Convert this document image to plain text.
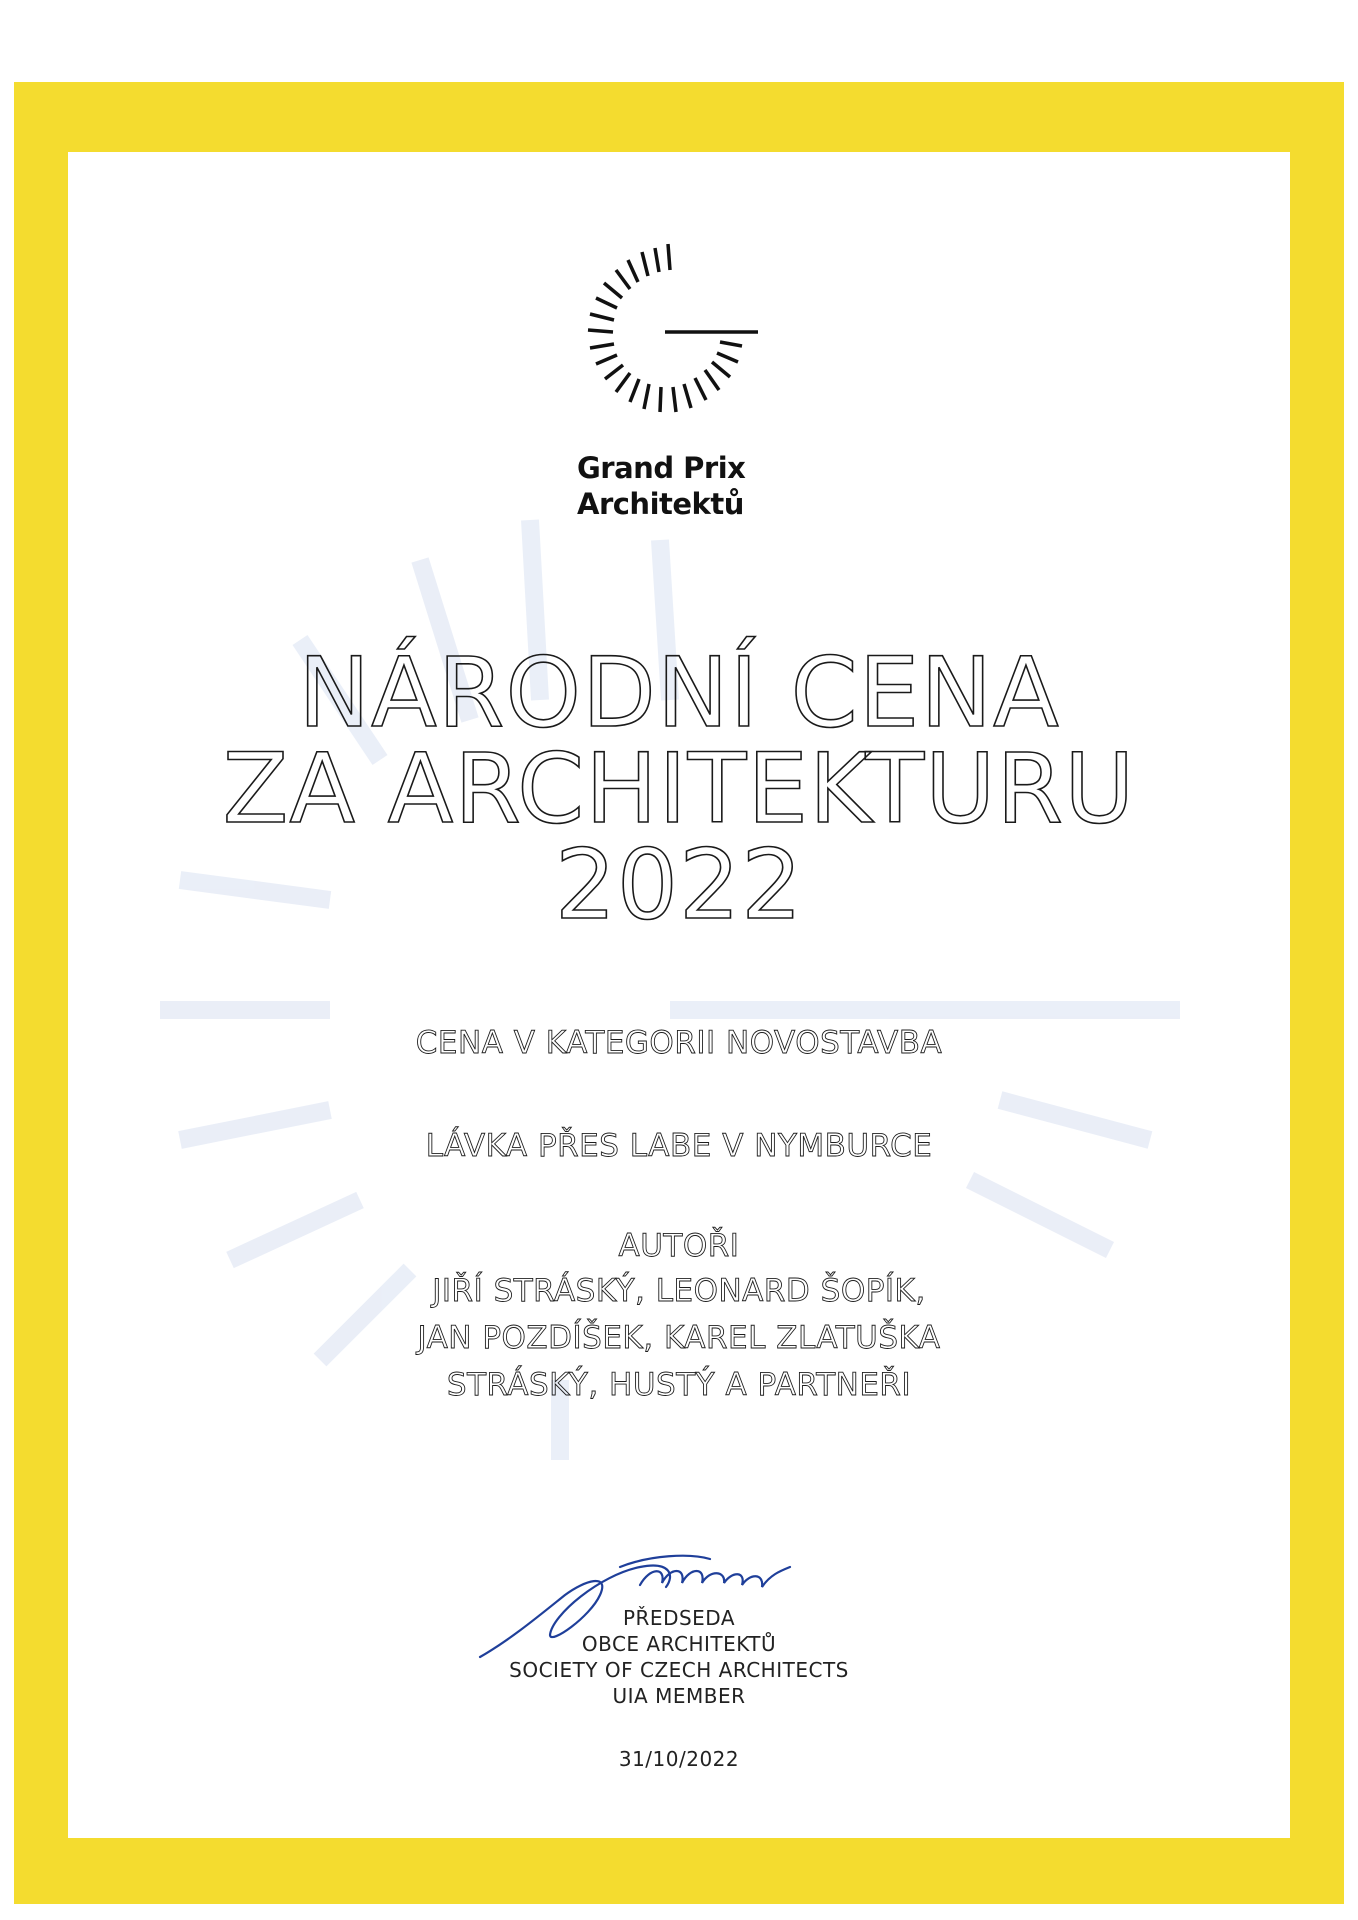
Grand Prix
Architektů
NÁRODNÍ CENA
ZA ARCHITEKTURU
2022
CENA V KATEGORII NOVOSTAVBA
LÁVKA PŘES LABE V NYMBURCE
AUTOŘI
JIŘÍ STRÁSKÝ, LEONARD ŠOPÍK,
JAN POZDÍŠEK, KAREL ZLATUŠKA
STRÁSKÝ, HUSTÝ A PARTNEŘI
PŘEDSEDA
OBCE ARCHITEKTŮ
SOCIETY OF CZECH ARCHITECTS
UIA MEMBER
31/10/2022
